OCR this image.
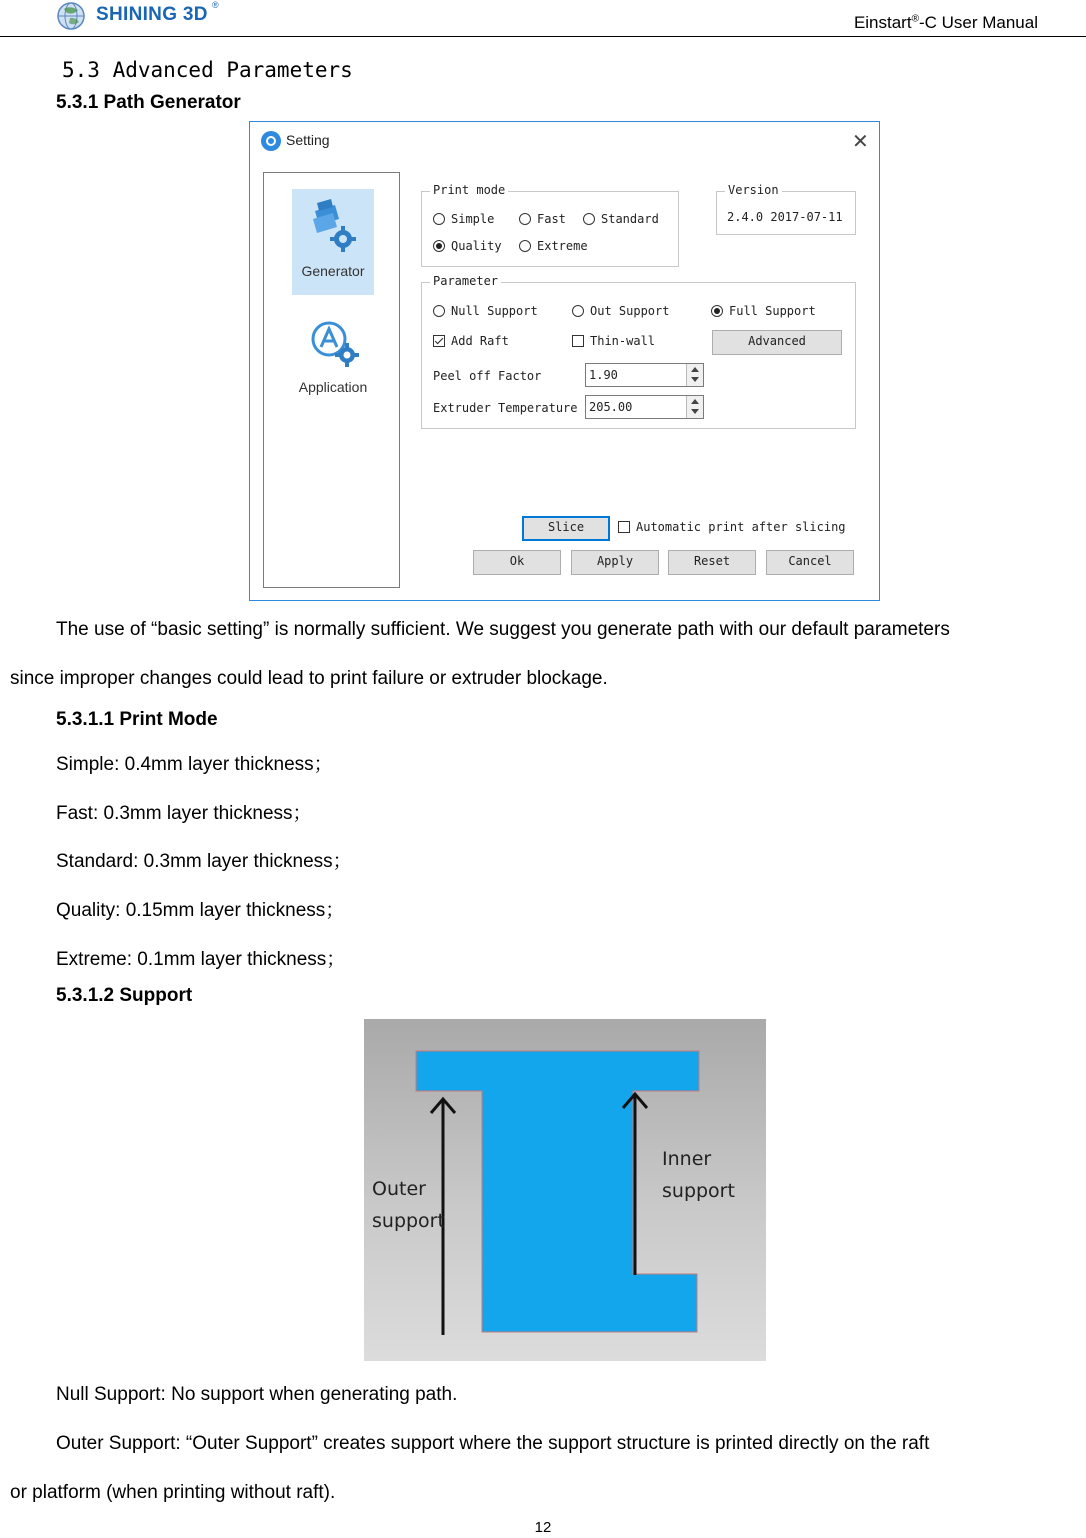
SHINING 3D ®
Einstart®-C User Manual
5.3 Advanced Parameters
5.3.1 Path Generator
Setting	✕
Generator
Application
Print mode
Simple	Fast	Standard
Quality	Extreme
Version
2.4.0 2017-07-11
Parameter
Null Support	Out Support	Full Support
Add Raft	Thin-wall	Advanced
Peel off Factor	1.90
Extruder Temperature 205.00
Slice	Automatic print after slicing
Ok	Apply	Reset	Cancel
The use of “basic setting” is normally sufficient. We suggest you generate path with our default parameters
since improper changes could lead to print failure or extruder blockage.
5.3.1.1 Print Mode
Simple: 0.4mm layer thickness；
Fast: 0.3mm layer thickness；
Standard: 0.3mm layer thickness；
Quality: 0.15mm layer thickness；
Extreme: 0.1mm layer thickness；
5.3.1.2 Support
Outer
support
Inner
support
Null Support: No support when generating path.
Outer Support: “Outer Support” creates support where the support structure is printed directly on the raft
or platform (when printing without raft).
12
